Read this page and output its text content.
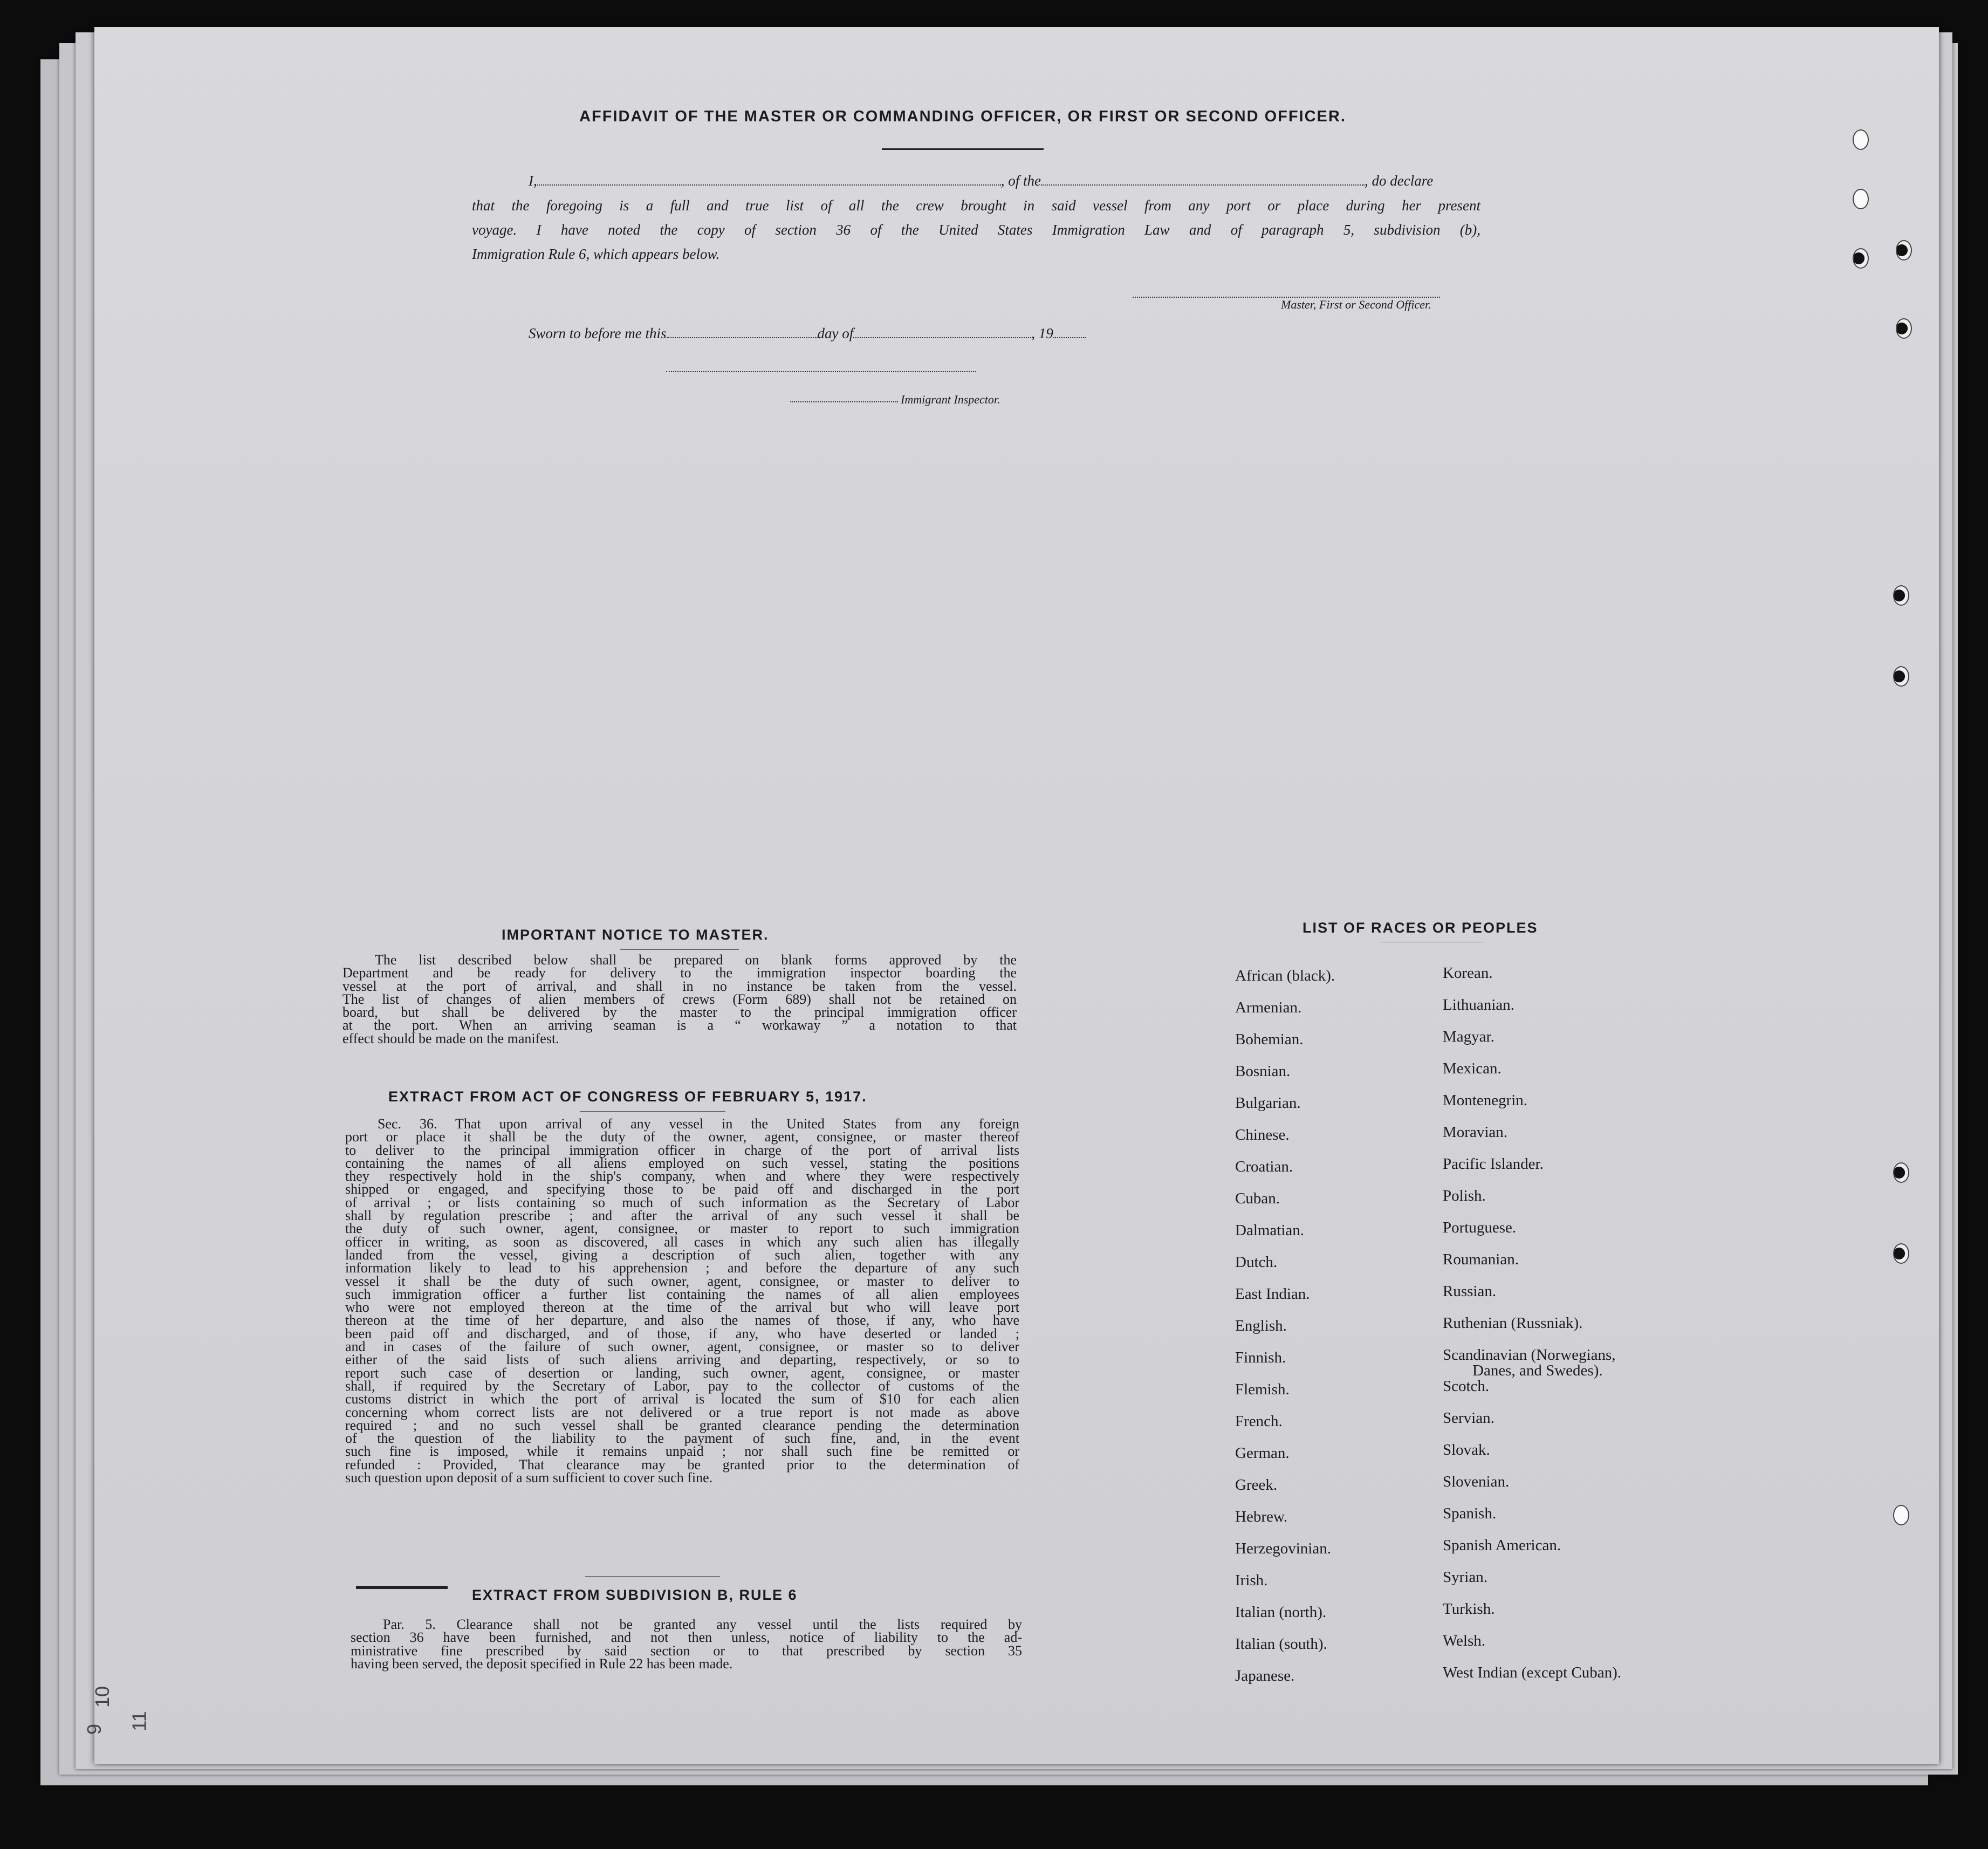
AFFIDAVIT OF THE MASTER OR COMMANDING OFFICER, OR FIRST OR SECOND OFFICER.
I,	, of the	, do declare
that the foregoing is a full and true list of all the crew brought in said vessel from any port or place during her present
voyage. I have noted the copy of section 36 of the United States Immigration Law and of paragraph 5, subdivision (b),
Immigration Rule 6, which appears below.
Master, First or Second Officer.
Sworn to before me this	day of	, 19
Immigrant Inspector.
IMPORTANT NOTICE TO MASTER.
The list described below shall be prepared on blank forms approved by the
Department and be ready for delivery to the immigration inspector boarding the
vessel at the port of arrival, and shall in no instance be taken from the vessel.
The list of changes of alien members of crews (Form 689) shall not be retained on
board, but shall be delivered by the master to the principal immigration officer
at the port. When an arriving seaman is a “ workaway ” a notation to that
effect should be made on the manifest.
EXTRACT FROM ACT OF CONGRESS OF FEBRUARY 5, 1917.
Sec. 36. That upon arrival of any vessel in the United States from any foreign
port or place it shall be the duty of the owner, agent, consignee, or master thereof
to deliver to the principal immigration officer in charge of the port of arrival lists
containing the names of all aliens employed on such vessel, stating the positions
they respectively hold in the ship's company, when and where they were respectively
shipped or engaged, and specifying those to be paid off and discharged in the port
of arrival ; or lists containing so much of such information as the Secretary of Labor
shall by regulation prescribe ; and after the arrival of any such vessel it shall be
the duty of such owner, agent, consignee, or master to report to such immigration
officer in writing, as soon as discovered, all cases in which any such alien has illegally
landed from the vessel, giving a description of such alien, together with any
information likely to lead to his apprehension ; and before the departure of any such
vessel it shall be the duty of such owner, agent, consignee, or master to deliver to
such immigration officer a further list containing the names of all alien employees
who were not employed thereon at the time of the arrival but who will leave port
thereon at the time of her departure, and also the names of those, if any, who have
been paid off and discharged, and of those, if any, who have deserted or landed ;
and in cases of the failure of such owner, agent, consignee, or master so to deliver
either of the said lists of such aliens arriving and departing, respectively, or so to
report such case of desertion or landing, such owner, agent, consignee, or master
shall, if required by the Secretary of Labor, pay to the collector of customs of the
customs district in which the port of arrival is located the sum of $10 for each alien
concerning whom correct lists are not delivered or a true report is not made as above
required ; and no such vessel shall be granted clearance pending the determination
of the question of the liability to the payment of such fine, and, in the event
such fine is imposed, while it remains unpaid ; nor shall such fine be remitted or
refunded : Provided, That clearance may be granted prior to the determination of
such question upon deposit of a sum sufficient to cover such fine.
EXTRACT FROM SUBDIVISION B, RULE 6
Par. 5. Clearance shall not be granted any vessel until the lists required by
section 36 have been furnished, and not then unless, notice of liability to the ad-
ministrative fine prescribed by said section or to that prescribed by section 35
having been served, the deposit specified in Rule 22 has been made.
LIST OF RACES OR PEOPLES
African (black).
Armenian.
Bohemian.
Bosnian.
Bulgarian.
Chinese.
Croatian.
Cuban.
Dalmatian.
Dutch.
East Indian.
English.
Finnish.
Flemish.
French.
German.
Greek.
Hebrew.
Herzegovinian.
Irish.
Italian (north).
Italian (south).
Japanese.
Korean.
Lithuanian.
Magyar.
Mexican.
Montenegrin.
Moravian.
Pacific Islander.
Polish.
Portuguese.
Roumanian.
Russian.
Ruthenian (Russniak).
Scandinavian (Norwegians,
Danes, and Swedes).
Scotch.
Servian.
Slovak.
Slovenian.
Spanish.
Spanish American.
Syrian.
Turkish.
Welsh.
West Indian (except Cuban).
9
10
11
